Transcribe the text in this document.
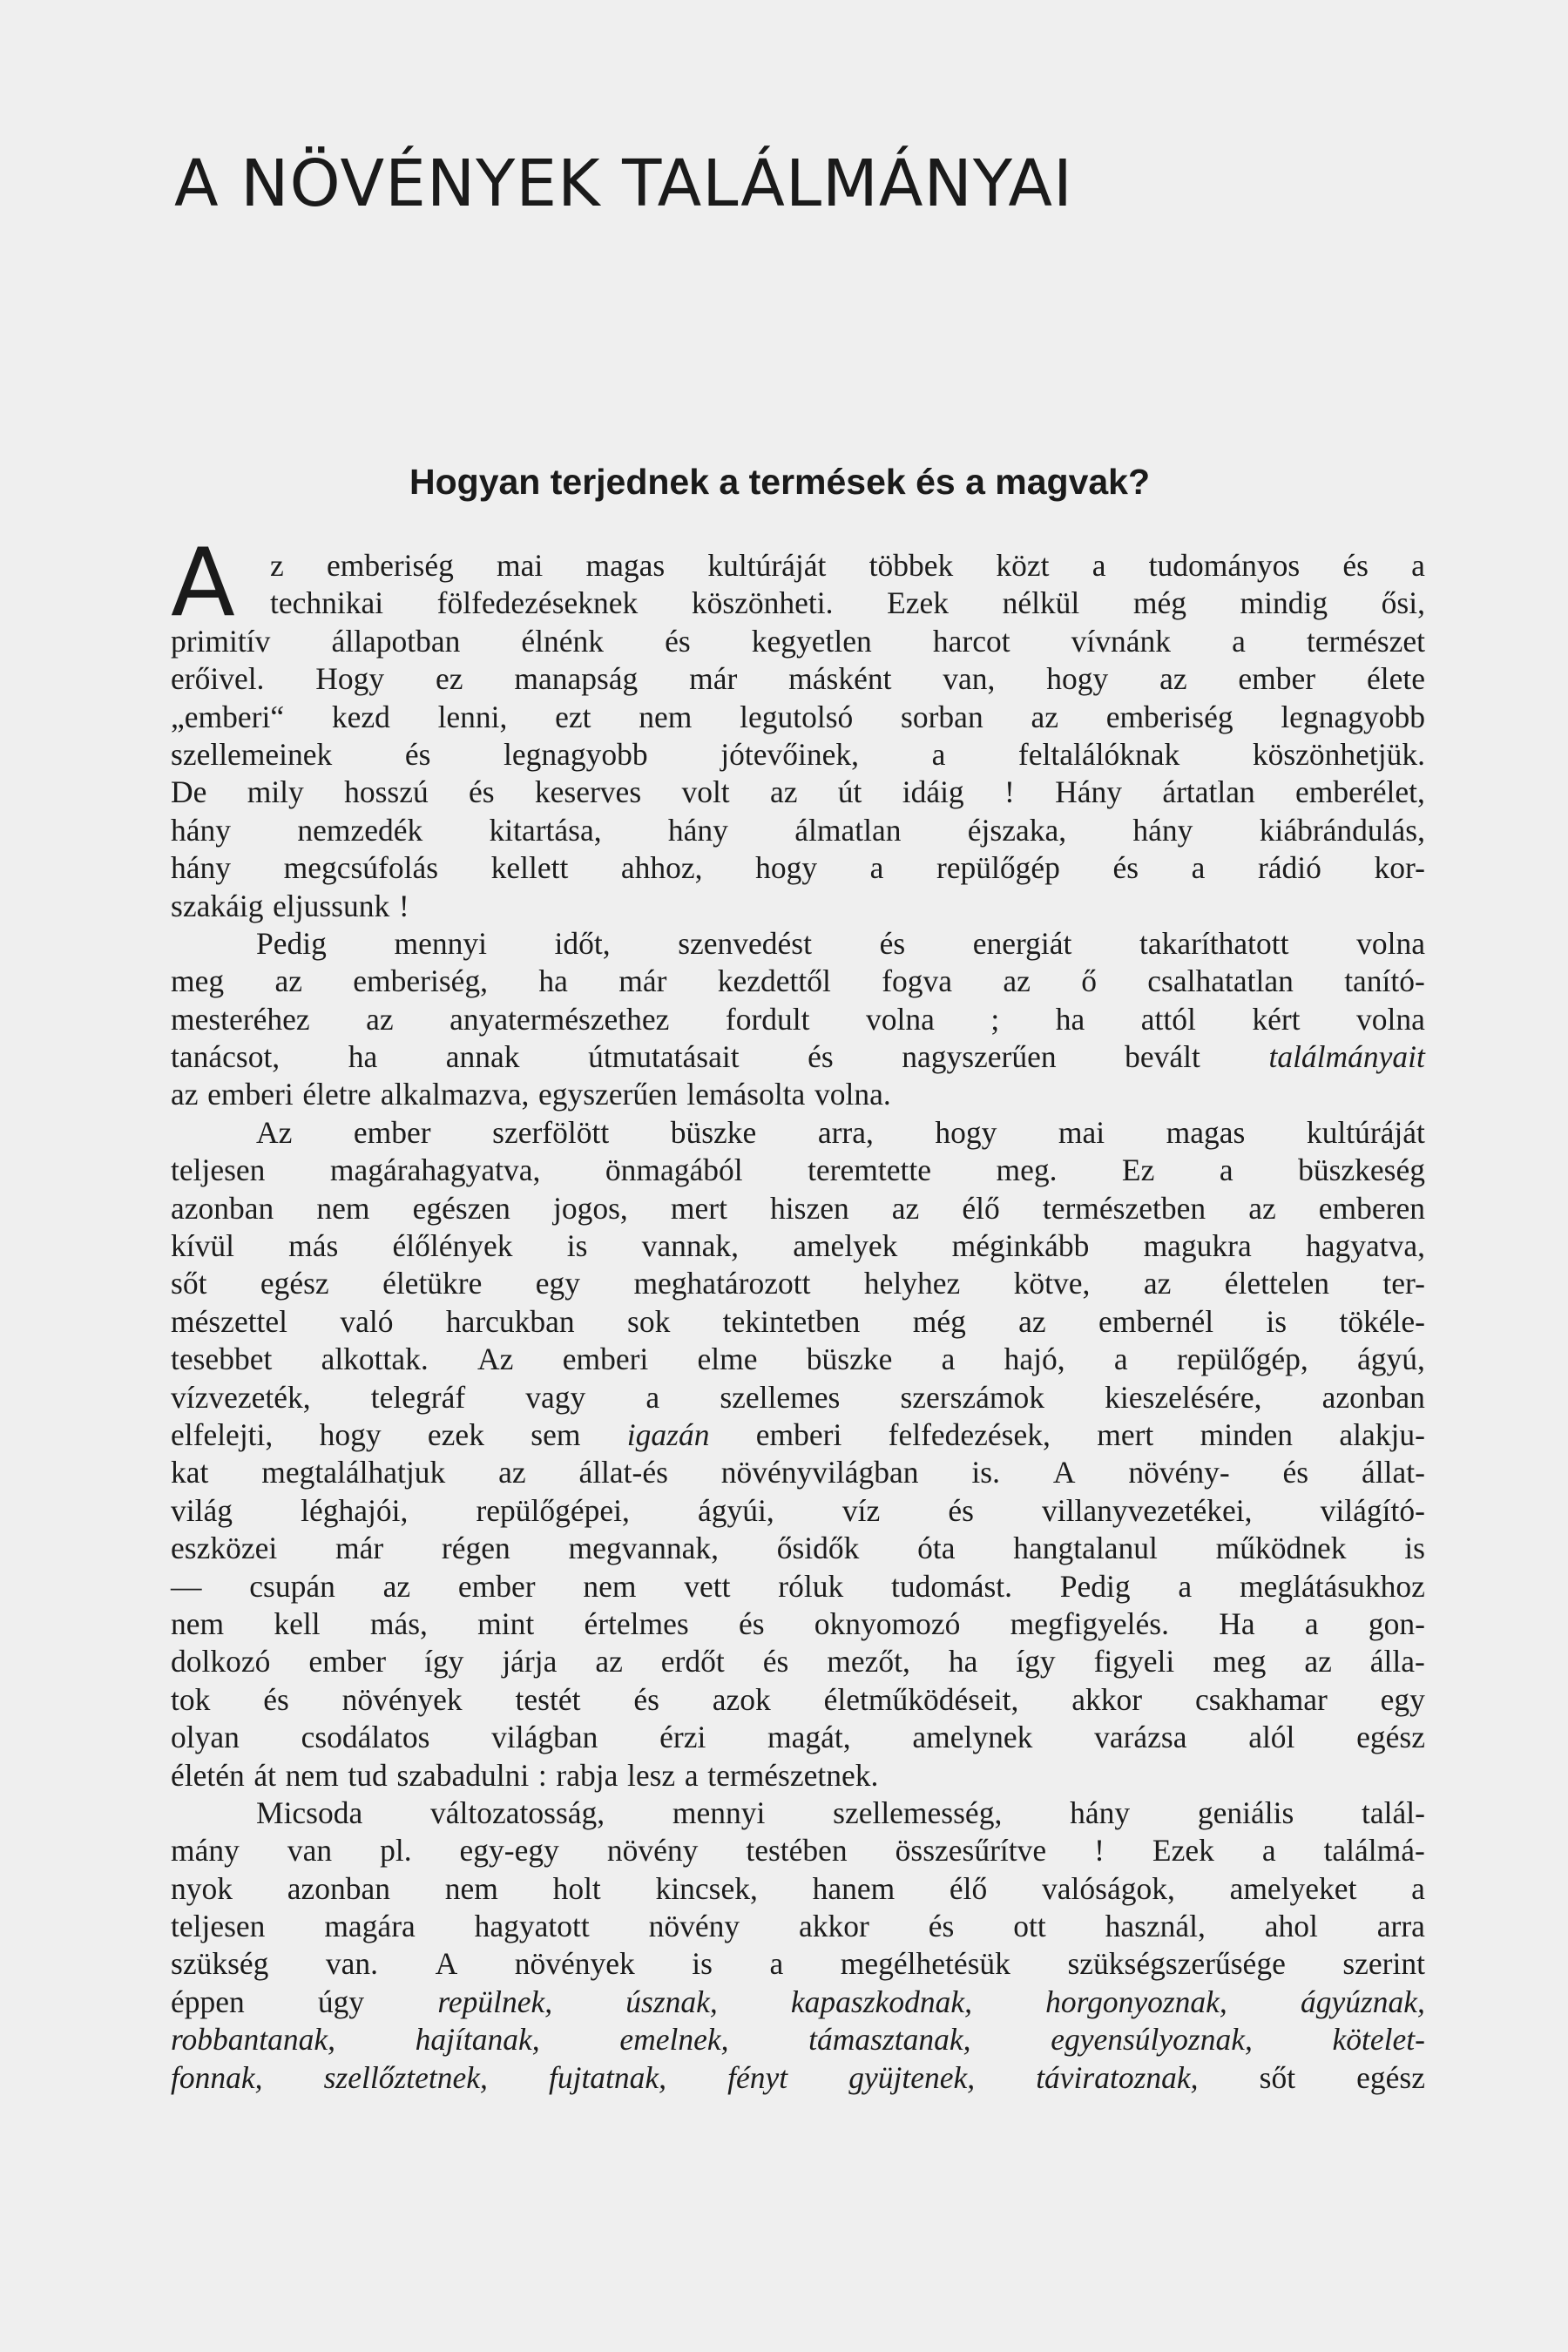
A NÖVÉNYEK TALÁLMÁNYAI
Hogyan terjednek a termések és a magvak?
A z emberiség mai magas kultúráját többek közt a tudományos és a
technikai fölfedezéseknek köszönheti. Ezek nélkül még mindig ősi,
primitív állapotban élnénk és kegyetlen harcot vívnánk a természet
erőivel. Hogy ez manapság már másként van, hogy az ember élete
„emberi“ kezd lenni, ezt nem legutolsó sorban az emberiség legnagyobb
szellemeinek és legnagyobb jótevőinek, a feltalálóknak köszönhetjük.
De mily hosszú és keserves volt az út idáig ! Hány ártatlan emberélet,
hány nemzedék kitartása, hány álmatlan éjszaka, hány kiábrándulás,
hány megcsúfolás kellett ahhoz, hogy a repülőgép és a rádió kor-
szakáig eljussunk !
Pedig mennyi időt, szenvedést és energiát takaríthatott volna
meg az emberiség, ha már kezdettől fogva az ő csalhatatlan tanító-
mesteréhez az anyatermészethez fordult volna ; ha attól kért volna
tanácsot, ha annak útmutatásait és nagyszerűen bevált találmányait
az emberi életre alkalmazva, egyszerűen lemásolta volna.
Az ember szerfölött büszke arra, hogy mai magas kultúráját
teljesen magárahagyatva, önmagából teremtette meg. Ez a büszkeség
azonban nem egészen jogos, mert hiszen az élő természetben az emberen
kívül más élőlények is vannak, amelyek méginkább magukra hagyatva,
sőt egész életükre egy meghatározott helyhez kötve, az élettelen ter-
mészettel való harcukban sok tekintetben még az embernél is tökéle-
tesebbet alkottak. Az emberi elme büszke a hajó, a repülőgép, ágyú,
vízvezeték, telegráf vagy a szellemes szerszámok kieszelésére, azonban
elfelejti, hogy ezek sem igazán emberi felfedezések, mert minden alakju-
kat megtalálhatjuk az állat-és növényvilágban is. A növény- és állat-
világ léghajói, repülőgépei, ágyúi, víz és villanyvezetékei, világító-
eszközei már régen megvannak, ősidők óta hangtalanul működnek is
— csupán az ember nem vett róluk tudomást. Pedig a meglátásukhoz
nem kell más, mint értelmes és oknyomozó megfigyelés. Ha a gon-
dolkozó ember így járja az erdőt és mezőt, ha így figyeli meg az álla-
tok és növények testét és azok életműködéseit, akkor csakhamar egy
olyan csodálatos világban érzi magát, amelynek varázsa alól egész
életén át nem tud szabadulni : rabja lesz a természetnek.
Micsoda változatosság, mennyi szellemesség, hány geniális talál-
mány van pl. egy-egy növény testében összesűrítve ! Ezek a találmá-
nyok azonban nem holt kincsek, hanem élő valóságok, amelyeket a
teljesen magára hagyatott növény akkor és ott használ, ahol arra
szükség van. A növények is a megélhetésük szükségszerűsége szerint
éppen úgy repülnek, úsznak, kapaszkodnak, horgonyoznak, ágyúznak,
robbantanak,	hajítanak,	emelnek,	támasztanak,	egyensúlyoznak,	kötelet-
fonnak, szellőztetnek, fujtatnak, fényt gyüjtenek, táviratoznak, sőt egész
